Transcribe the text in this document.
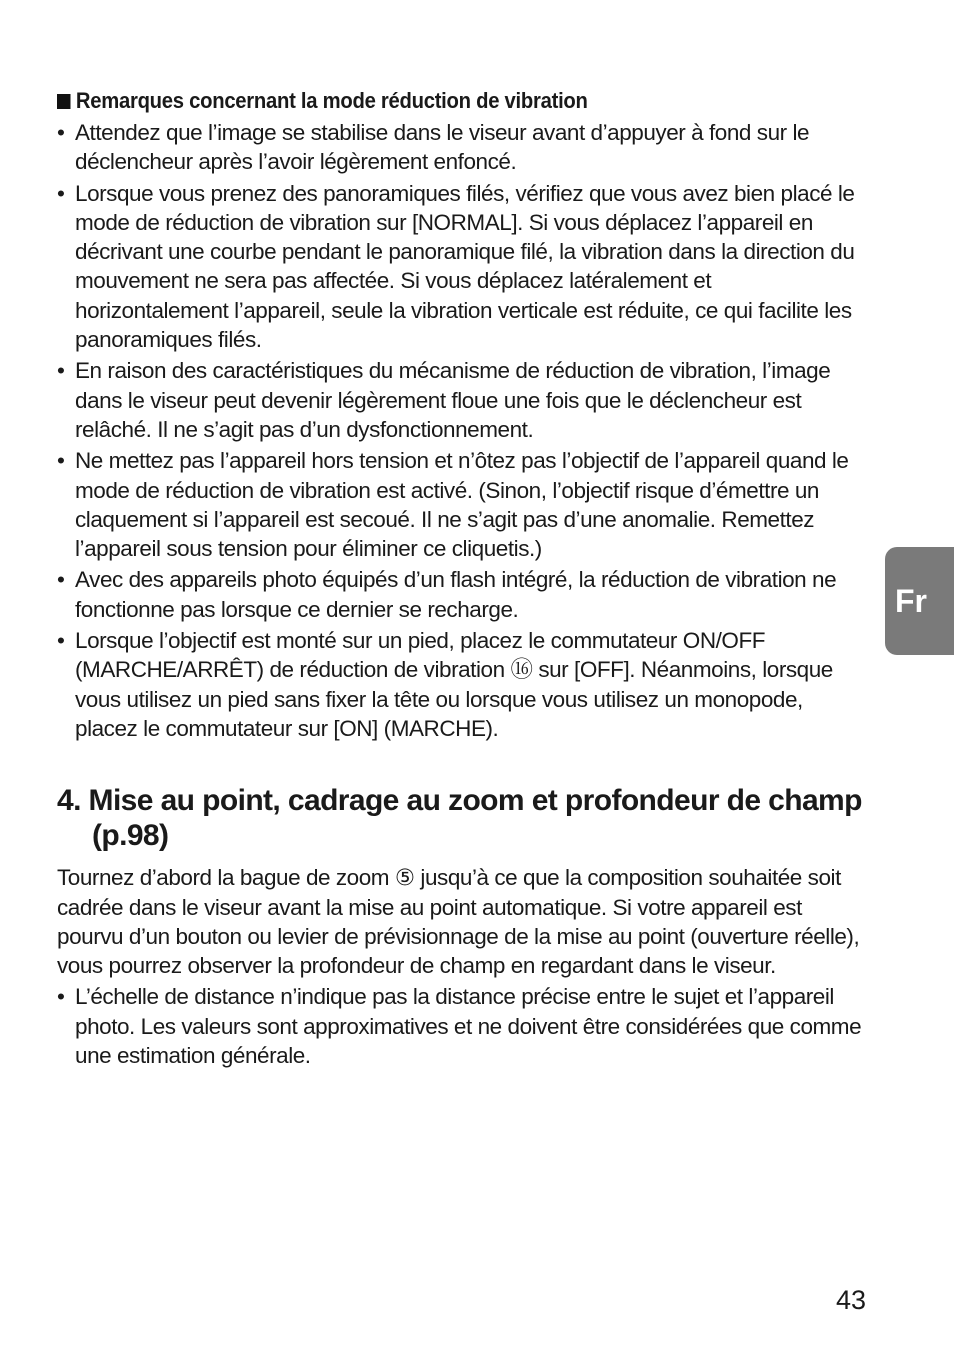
Remarques concernant la mode réduction de vibration
• Attendez que l’image se stabilise dans le viseur avant d’appuyer à fond sur le déclencheur après l’avoir légèrement enfoncé.
• Lorsque vous prenez des panoramiques filés, vérifiez que vous avez bien placé le mode de réduction de vibration sur [NORMAL]. Si vous déplacez l’appareil en décrivant une courbe pendant le panoramique filé, la vibration dans la direction du mouvement ne sera pas affectée. Si vous déplacez latéralement et horizontalement l’appareil, seule la vibration verticale est réduite, ce qui facilite les panoramiques filés.
• En raison des caractéristiques du mécanisme de réduction de vibration, l’image dans le viseur peut devenir légèrement floue une fois que le déclencheur est relâché. Il ne s’agit pas d’un dysfonctionnement.
• Ne mettez pas l’appareil hors tension et n’ôtez pas l’objectif de l’appareil quand le mode de réduction de vibration est activé. (Sinon, l’objectif risque d’émettre un claquement si l’appareil est secoué. Il ne s’agit pas d’une anomalie. Remettez l’appareil sous tension pour éliminer ce cliquetis.)
• Avec des appareils photo équipés d’un flash intégré, la réduction de vibration ne fonctionne pas lorsque ce dernier se recharge.
• Lorsque l’objectif est monté sur un pied, placez le commutateur ON/OFF (MARCHE/ARRÊT) de réduction de vibration ⑯ sur [OFF]. Néanmoins, lorsque vous utilisez un pied sans fixer la tête ou lorsque vous utilisez un monopode, placez le commutateur sur [ON] (MARCHE).
4. Mise au point, cadrage au zoom et profondeur de champ (p.98)

Tournez d’abord la bague de zoom ⑤ jusqu’à ce que la composition souhaitée soit cadrée dans le viseur avant la mise au point automatique. Si votre appareil est pourvu d’un bouton ou levier de prévisionnage de la mise au point (ouverture réelle), vous pourrez observer la profondeur de champ en regardant dans le viseur.

• L’échelle de distance n’indique pas la distance précise entre le sujet et l’appareil photo. Les valeurs sont approximatives et ne doivent être considérées que comme une estimation générale.
Fr
43
